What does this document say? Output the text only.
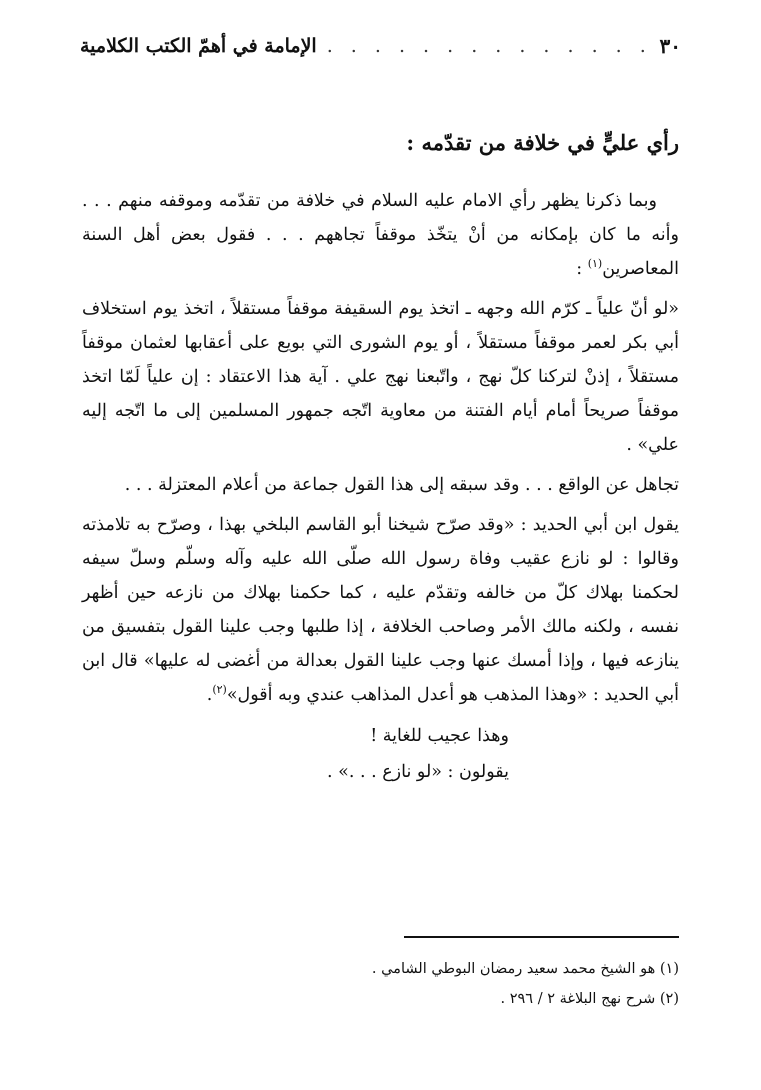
٣٠
. . .
الإمامة في أهمّ الكتب الكلامية
رأي عليٍّ في خلافة من تقدّمه :

وبما ذكرنا يظهر رأي الامام عليه السلام في خلافة من تقدّمه وموقفه منهم . . . وأنه ما كان بإمكانه من أنْ يتخّذ موقفاً تجاههم . . . فقول بعض أهل السنة المعاصرين$^{(١)}$ :

«لو أنّ علياً ـ كرّم الله وجهه ـ اتخذ يوم السقيفة موقفاً مستقلاً ، اتخذ يوم استخلاف أبي بكر لعمر موقفاً مستقلاً ، أو يوم الشورى التي بويع على أعقابها لعثمان موقفاً مستقلاً ، إذنْ لتركنا كلّ نهج ، واتّبعنا نهج علي . آية هذا الاعتقاد : إن علياً لَمّا اتخذ موقفاً صريحاً أمام أيام الفتنة من معاوية اتّجه جمهور المسلمين إلى ما اتّجه إليه علي» .

تجاهل عن الواقع . . . وقد سبقه إلى هذا القول جماعة من أعلام المعتزلة . . .

يقول ابن أبي الحديد : «وقد صرّح شيخنا أبو القاسم البلخي بهذا ، وصرّح به تلامذته وقالوا : لو نازع عقيب وفاة رسول الله صلّى الله عليه وآله وسلّم وسلّ سيفه لحكمنا بهلاك كلّ من خالفه وتقدّم عليه ، كما حكمنا بهلاك من نازعه حين أظهر نفسه ، ولكنه مالك الأمر وصاحب الخلافة ، إذا طلبها وجب علينا القول بتفسيق من ينازعه فيها ، وإذا أمسك عنها وجب علينا القول بعدالة من أغضى له عليها» قال ابن أبي الحديد : «وهذا المذهب هو أعدل المذاهب عندي وبه أقول»$^{(٢)}$.

وهذا عجيب للغاية !

يقولون : «لو نازع . . .» .

(١) هو الشيخ محمد سعيد رمضان البوطي الشامي .
(٢) شرح نهج البلاغة ٢ / ٢٩٦ .
